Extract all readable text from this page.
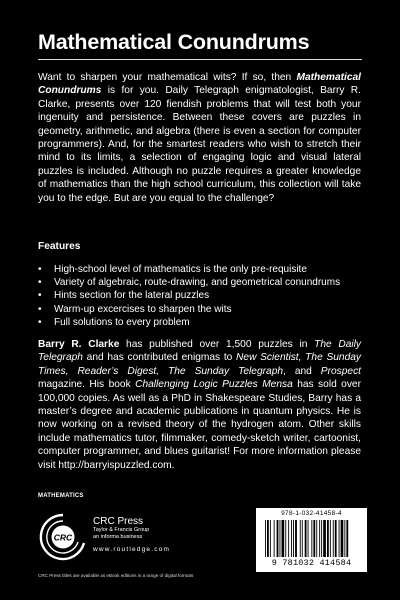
Mathematical Conundrums

Want to sharpen your mathematical wits? If so, then Mathematical Conundrums is for you. Daily Telegraph enigmatologist, Barry R. Clarke, presents over 120 fiendish problems that will test both your ingenuity and persistence. Between these covers are puzzles in geometry, arithmetic, and algebra (there is even a section for computer programmers). And, for the smartest readers who wish to stretch their mind to its limits, a selection of engaging logic and visual lateral puzzles is included. Although no puzzle requires a greater knowledge of mathematics than the high school curriculum, this collection will take you to the edge. But are you equal to the challenge?

Features
• High-school level of mathematics is the only pre-requisite
• Variety of algebraic, route-drawing, and geometrical conundrums
• Hints section for the lateral puzzles
• Warm-up excercises to sharpen the wits
• Full solutions to every problem

Barry R. Clarke has published over 1,500 puzzles in The Daily Telegraph and has contributed enigmas to New Scientist, The Sunday Times, Reader’s Digest, The Sunday Telegraph, and Prospect magazine. His book Challenging Logic Puzzles Mensa has sold over 100,000 copies. As well as a PhD in Shakespeare Studies, Barry has a master’s degree and academic publications in quantum physics. He is now working on a revised theory of the hydrogen atom. Other skills include mathematics tutor, filmmaker, comedy-sketch writer, cartoonist, computer programmer, and blues guitarist! For more information please visit http://barryispuzzled.com.

MATHEMATICS
CRC
CRC Press
Taylor & Francis Group
an informa business
www.routledge.com
CRC Press titles are available as eBook editions in a range of digital formats
978-1-032-41458-4
9 781032 414584
